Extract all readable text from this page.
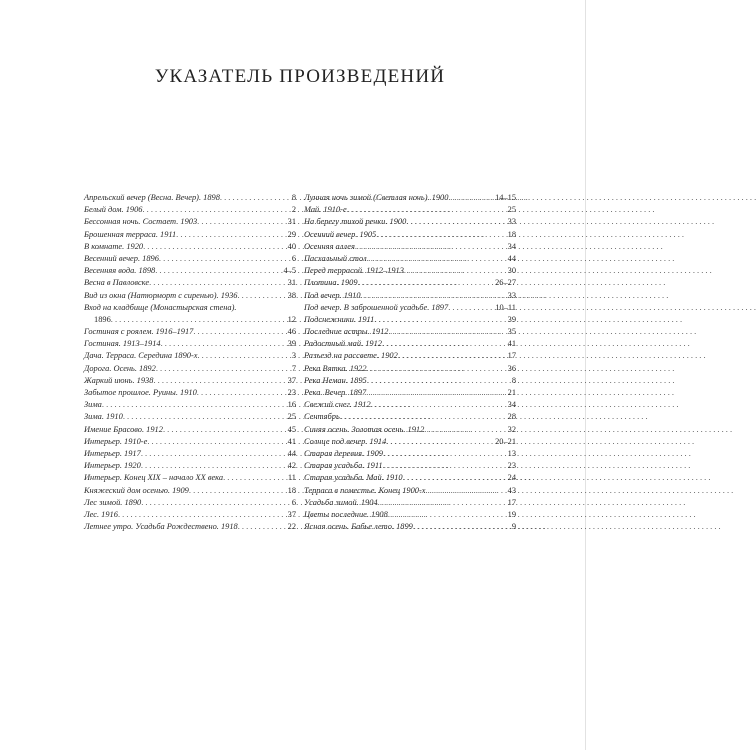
УКАЗАТЕЛЬ ПРОИЗВЕДЕНИЙ
Апрельский вечер (Весна. Вечер). 1898 . . .	8
Белый дом. 1906 . . .	2
Бессонная ночь. Состает. 1903 . . .	31
Брошенная терраса. 1911 . . .	29
В комнате. 1920 . . .	40
Весенний вечер. 1896 . . .	6
Весенняя вода. 1898 . . .	4–5
Весна в Павловске . . .	31
Вид из окна (Натюрморт с сиренью). 1936 . . .	38
Вход на кладбище (Монастырская стена).
1896 . . .	12
Гостиная с роялем. 1916–1917 . . .	46
Гостиная. 1913–1914 . . .	39
Дача. Терраса. Середина 1890-х . . .	3
Дорога. Осень. 1892 . . .	7
Жаркий июнь. 1938 . . .	37
Забытое прошлое. Руины. 1910 . . .	23
Зима . . .	16
Зима. 1910 . . .	25
Имение Брасово. 1912 . . .	45
Интерьер. 1910-е . . .	41
Интерьер. 1917 . . .	44
Интерьер. 1920 . . .	42
Интерьер. Конец XIX – начало XX века . . .	11
Княжеский дом осенью. 1909 . . .	18
Лес зимой. 1890 . . .	6
Лес. 1916 . . .	37
Летнее утро. Усадьба Рождествено. 1918 . . .	22
Лунная ночь зимой (Светлая ночь). 1900 . . .	14–15
Май. 1910-е . . .	25
На берегу тихой речки. 1900 . . .	33
Осенний вечер. 1905 . . .	18
Осенняя аллея . . .	34
Пасхальный стол . . .	44
Перед терpасой. 1912–1913 . . .	30
Плотина. 1909 . . .	26–27
Под вечер. 1910 . . .	33
Под вечер. В заброшенной усадьбе. 1897 . . .	10–11
Подснежники. 1911 . . .	39
Последние астры. 1912 . . .	35
Радостный май. 1912 . . .	41
Разъезд на рассвете. 1902 . . .	17
Река Вятка. 1922 . . .	36
Река Неман. 1895 . . .	8
Река. Вечер. 1897 . . .	21
Свежий снег. 1912 . . .	34
Сентябрь . . .	28
Синяя осень. Золотая осень. 1912 . . .	32
Солнце под вечер. 1914 . . .	20–21
Старая деревня. 1909 . . .	13
Старая усадьба. 1911 . . .	23
Старая усадьба. Май. 1910 . . .	24
Терраса в поместье. Конец 1900-х . . .	43
Усадьба зимой. 1904 . . .	17
Цветы последние. 1908 . . .	19
Ясная осень. Бабье лето. 1899 . . .	9
